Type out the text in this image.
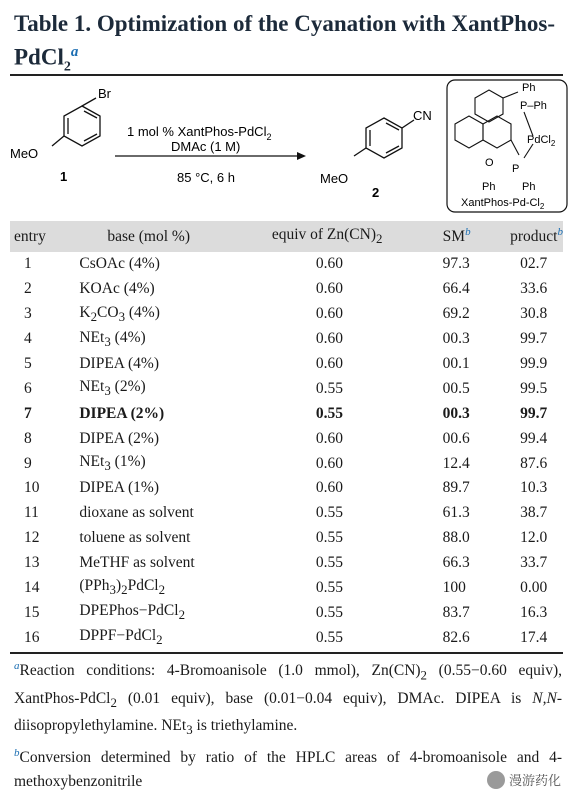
Table 1. Optimization of the Cyanation with XantPhos-
PdCl$_2^a$
Br
MeO
1
1 mol % XantPhos-PdCl$_2$
DMAc (1 M)
85 °C, 6 h
CN
MeO
2
Ph
P–Ph
O
PdCl$_2$
P
Ph Ph
XantPhos-$Pd-Cl_2$
entry	base (mol %)	equiv of $Zn(CN)_2$	SM$^b$	product$^b$
1	CsOAc (4%)	0.60	97.3	02.7
2	KOAc (4%)	0.60	66.4	33.6
3	$K_2CO_3$ (4%)	0.60	69.2	30.8
4	NEt$_3$ (4%)	0.60	00.3	99.7
5	DIPEA (4%)	0.60	00.1	99.9
6	NEt$_3$ (2%)	0.55	00.5	99.5
7	DIPEA (2%)	0.55	00.3	99.7
8	DIPEA (2%)	0.60	00.6	99.4
9	NEt$_3$ (1%)	0.60	12.4	87.6
10	DIPEA (1%)	0.60	89.7	10.3
11	dioxane as solvent	0.55	61.3	38.7
12	toluene as solvent	0.55	88.0	12.0
13	MeTHF as solvent	0.55	66.3	33.7
14	$(PPh_3)_2PdCl_2$	0.55	100	0.00
15	DPEPhos−PdCl$_2$	0.55	83.7	16.3
16	DPPF−PdCl$_2$	0.55	82.6	17.4

$^a$Reaction conditions: 4-Bromoanisole (1.0 mmol), $Zn(CN)_2$ (0.55−0.60 equiv), XantPhos-PdCl$_2$ (0.01 equiv), base (0.01−0.04 equiv), DMAc. DIPEA is N,N-diisopropylethylamine. NEt$_3$ is triethylamine.

$^b$Conversion determined by ratio of the HPLC areas of 4-bromoanisole and 4-methoxybenzonitrile	漫游药化
